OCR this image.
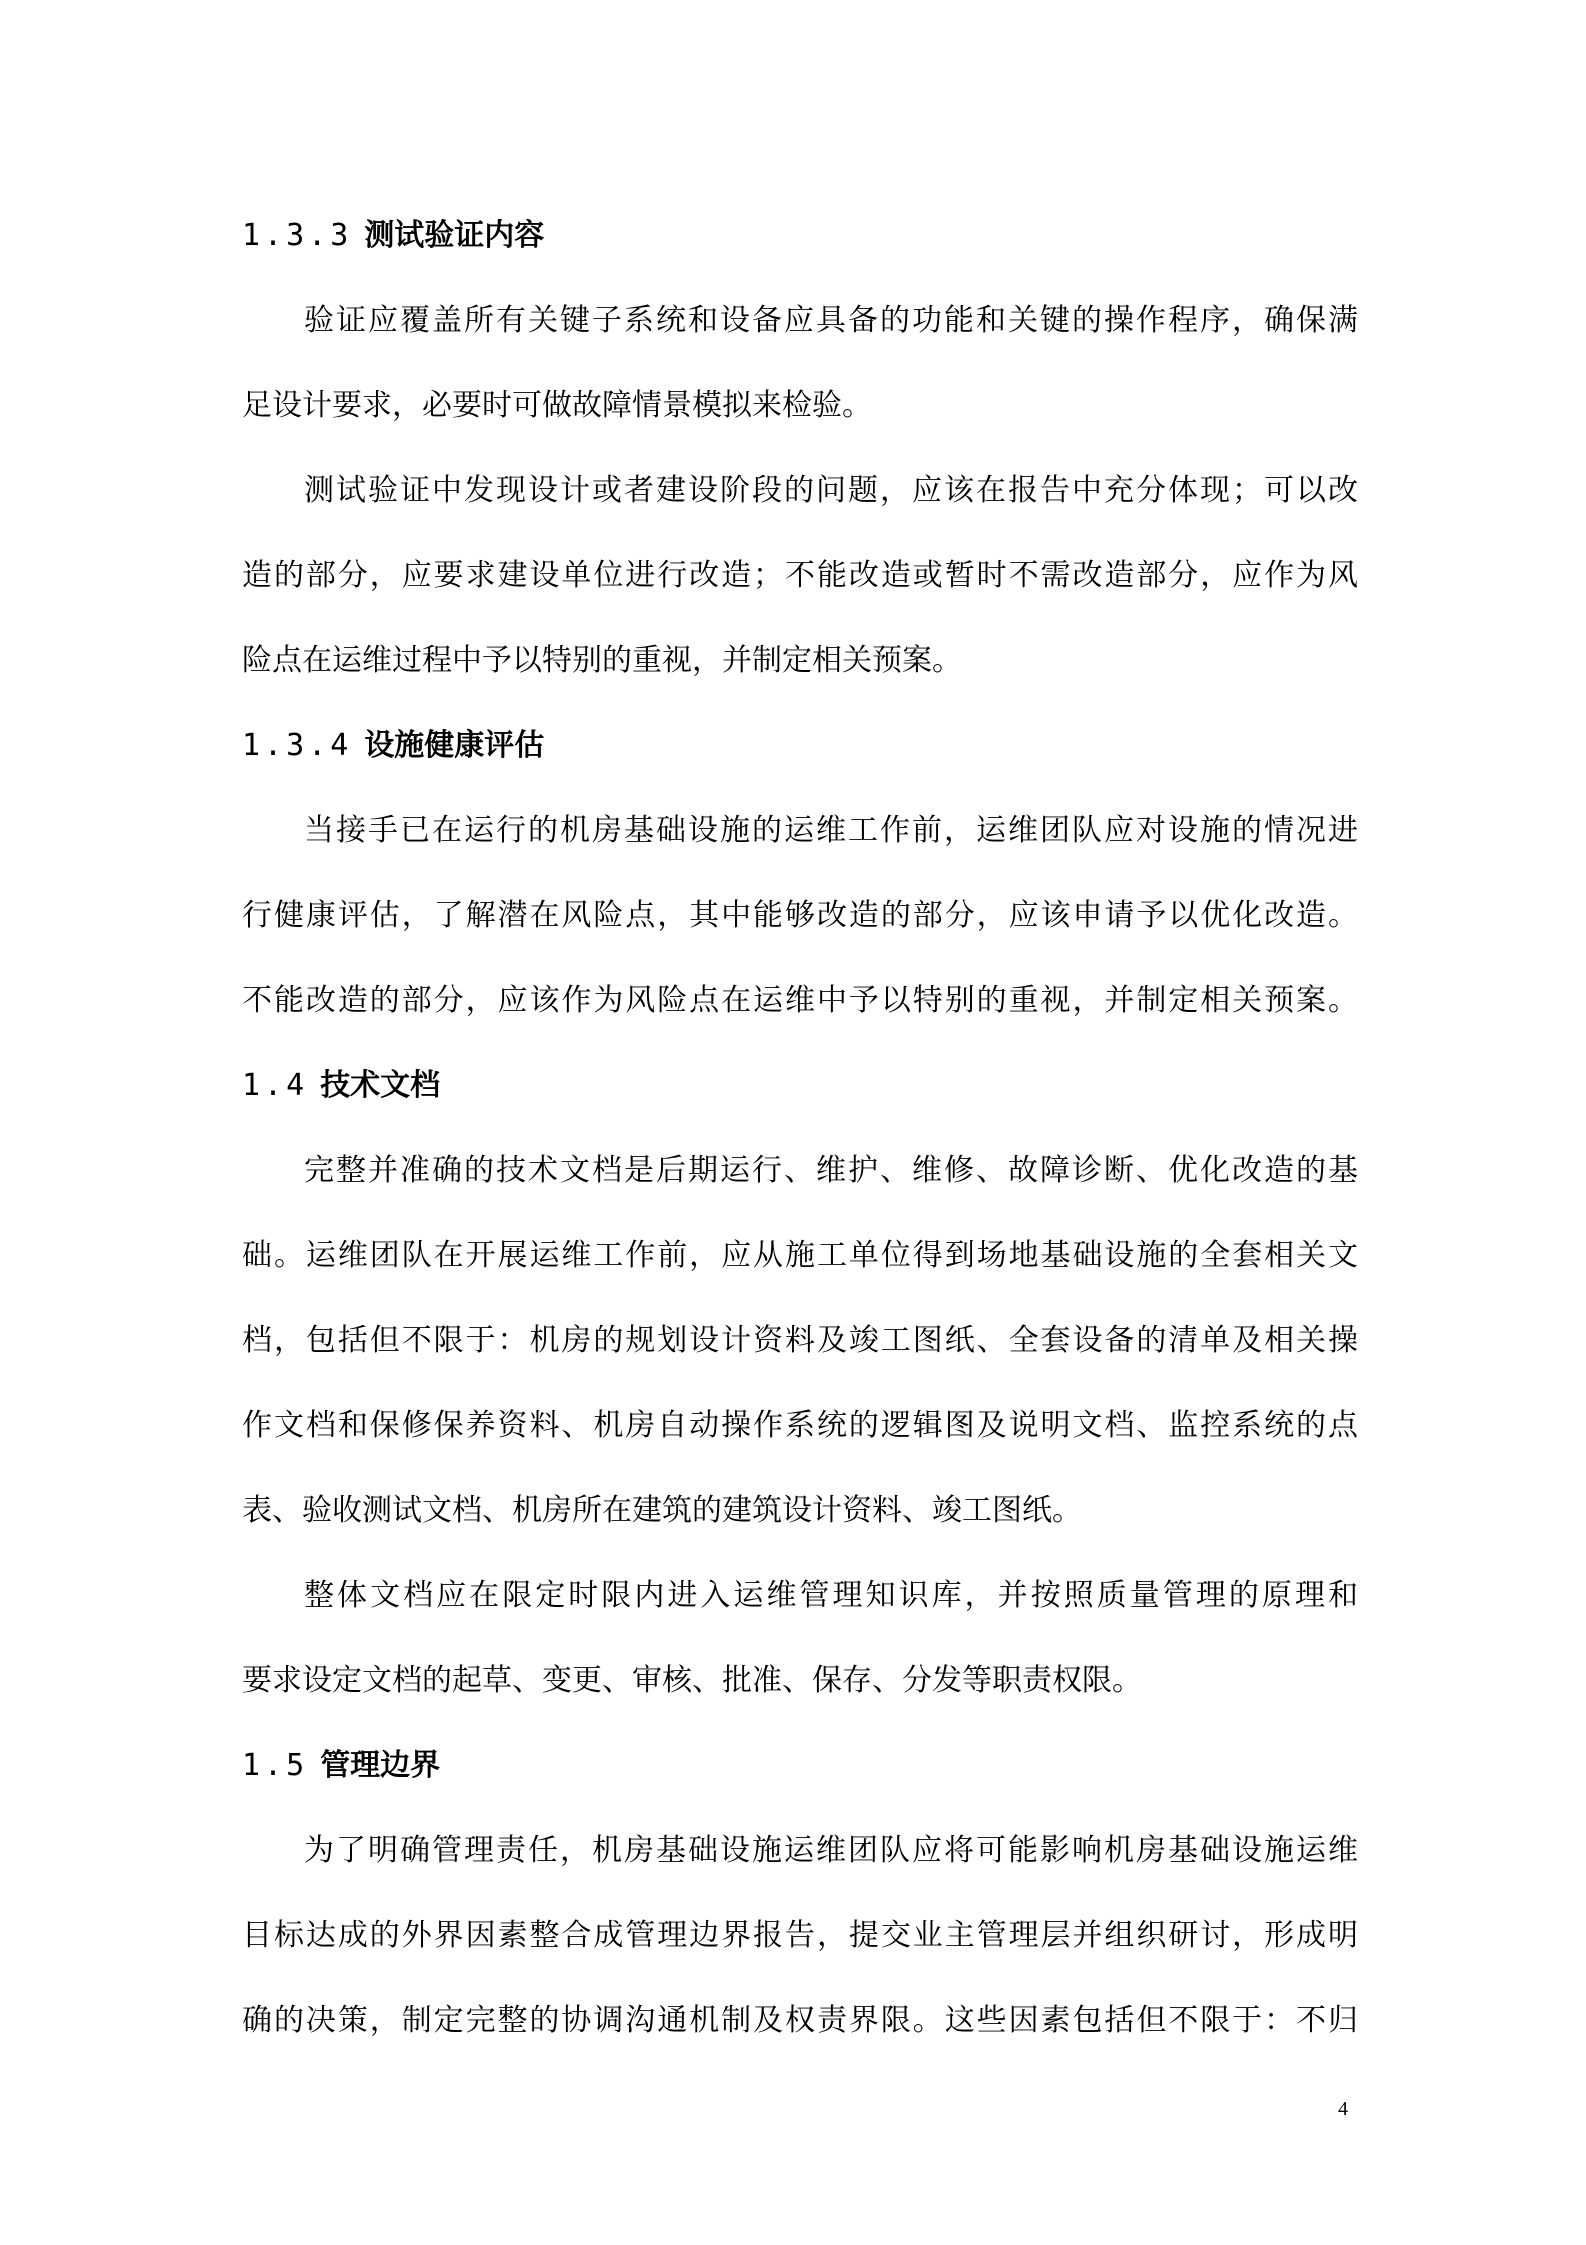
1.3.3 测试验证内容
验证应覆盖所有关键子系统和设备应具备的功能和关键的操作程序，确保满
足设计要求，必要时可做故障情景模拟来检验。
测试验证中发现设计或者建设阶段的问题，应该在报告中充分体现；可以改
造的部分，应要求建设单位进行改造；不能改造或暂时不需改造部分，应作为风
险点在运维过程中予以特别的重视，并制定相关预案。
1.3.4 设施健康评估
当接手已在运行的机房基础设施的运维工作前，运维团队应对设施的情况进
行健康评估，了解潜在风险点，其中能够改造的部分，应该申请予以优化改造。
不能改造的部分，应该作为风险点在运维中予以特别的重视，并制定相关预案。
1.4 技术文档
完整并准确的技术文档是后期运行、维护、维修、故障诊断、优化改造的基
础。运维团队在开展运维工作前，应从施工单位得到场地基础设施的全套相关文
档，包括但不限于：机房的规划设计资料及竣工图纸、全套设备的清单及相关操
作文档和保修保养资料、机房自动操作系统的逻辑图及说明文档、监控系统的点
表、验收测试文档、机房所在建筑的建筑设计资料、竣工图纸。
整体文档应在限定时限内进入运维管理知识库，并按照质量管理的原理和
要求设定文档的起草、变更、审核、批准、保存、分发等职责权限。
1.5 管理边界
为了明确管理责任，机房基础设施运维团队应将可能影响机房基础设施运维
目标达成的外界因素整合成管理边界报告，提交业主管理层并组织研讨，形成明
确的决策，制定完整的协调沟通机制及权责界限。这些因素包括但不限于：不归
4
